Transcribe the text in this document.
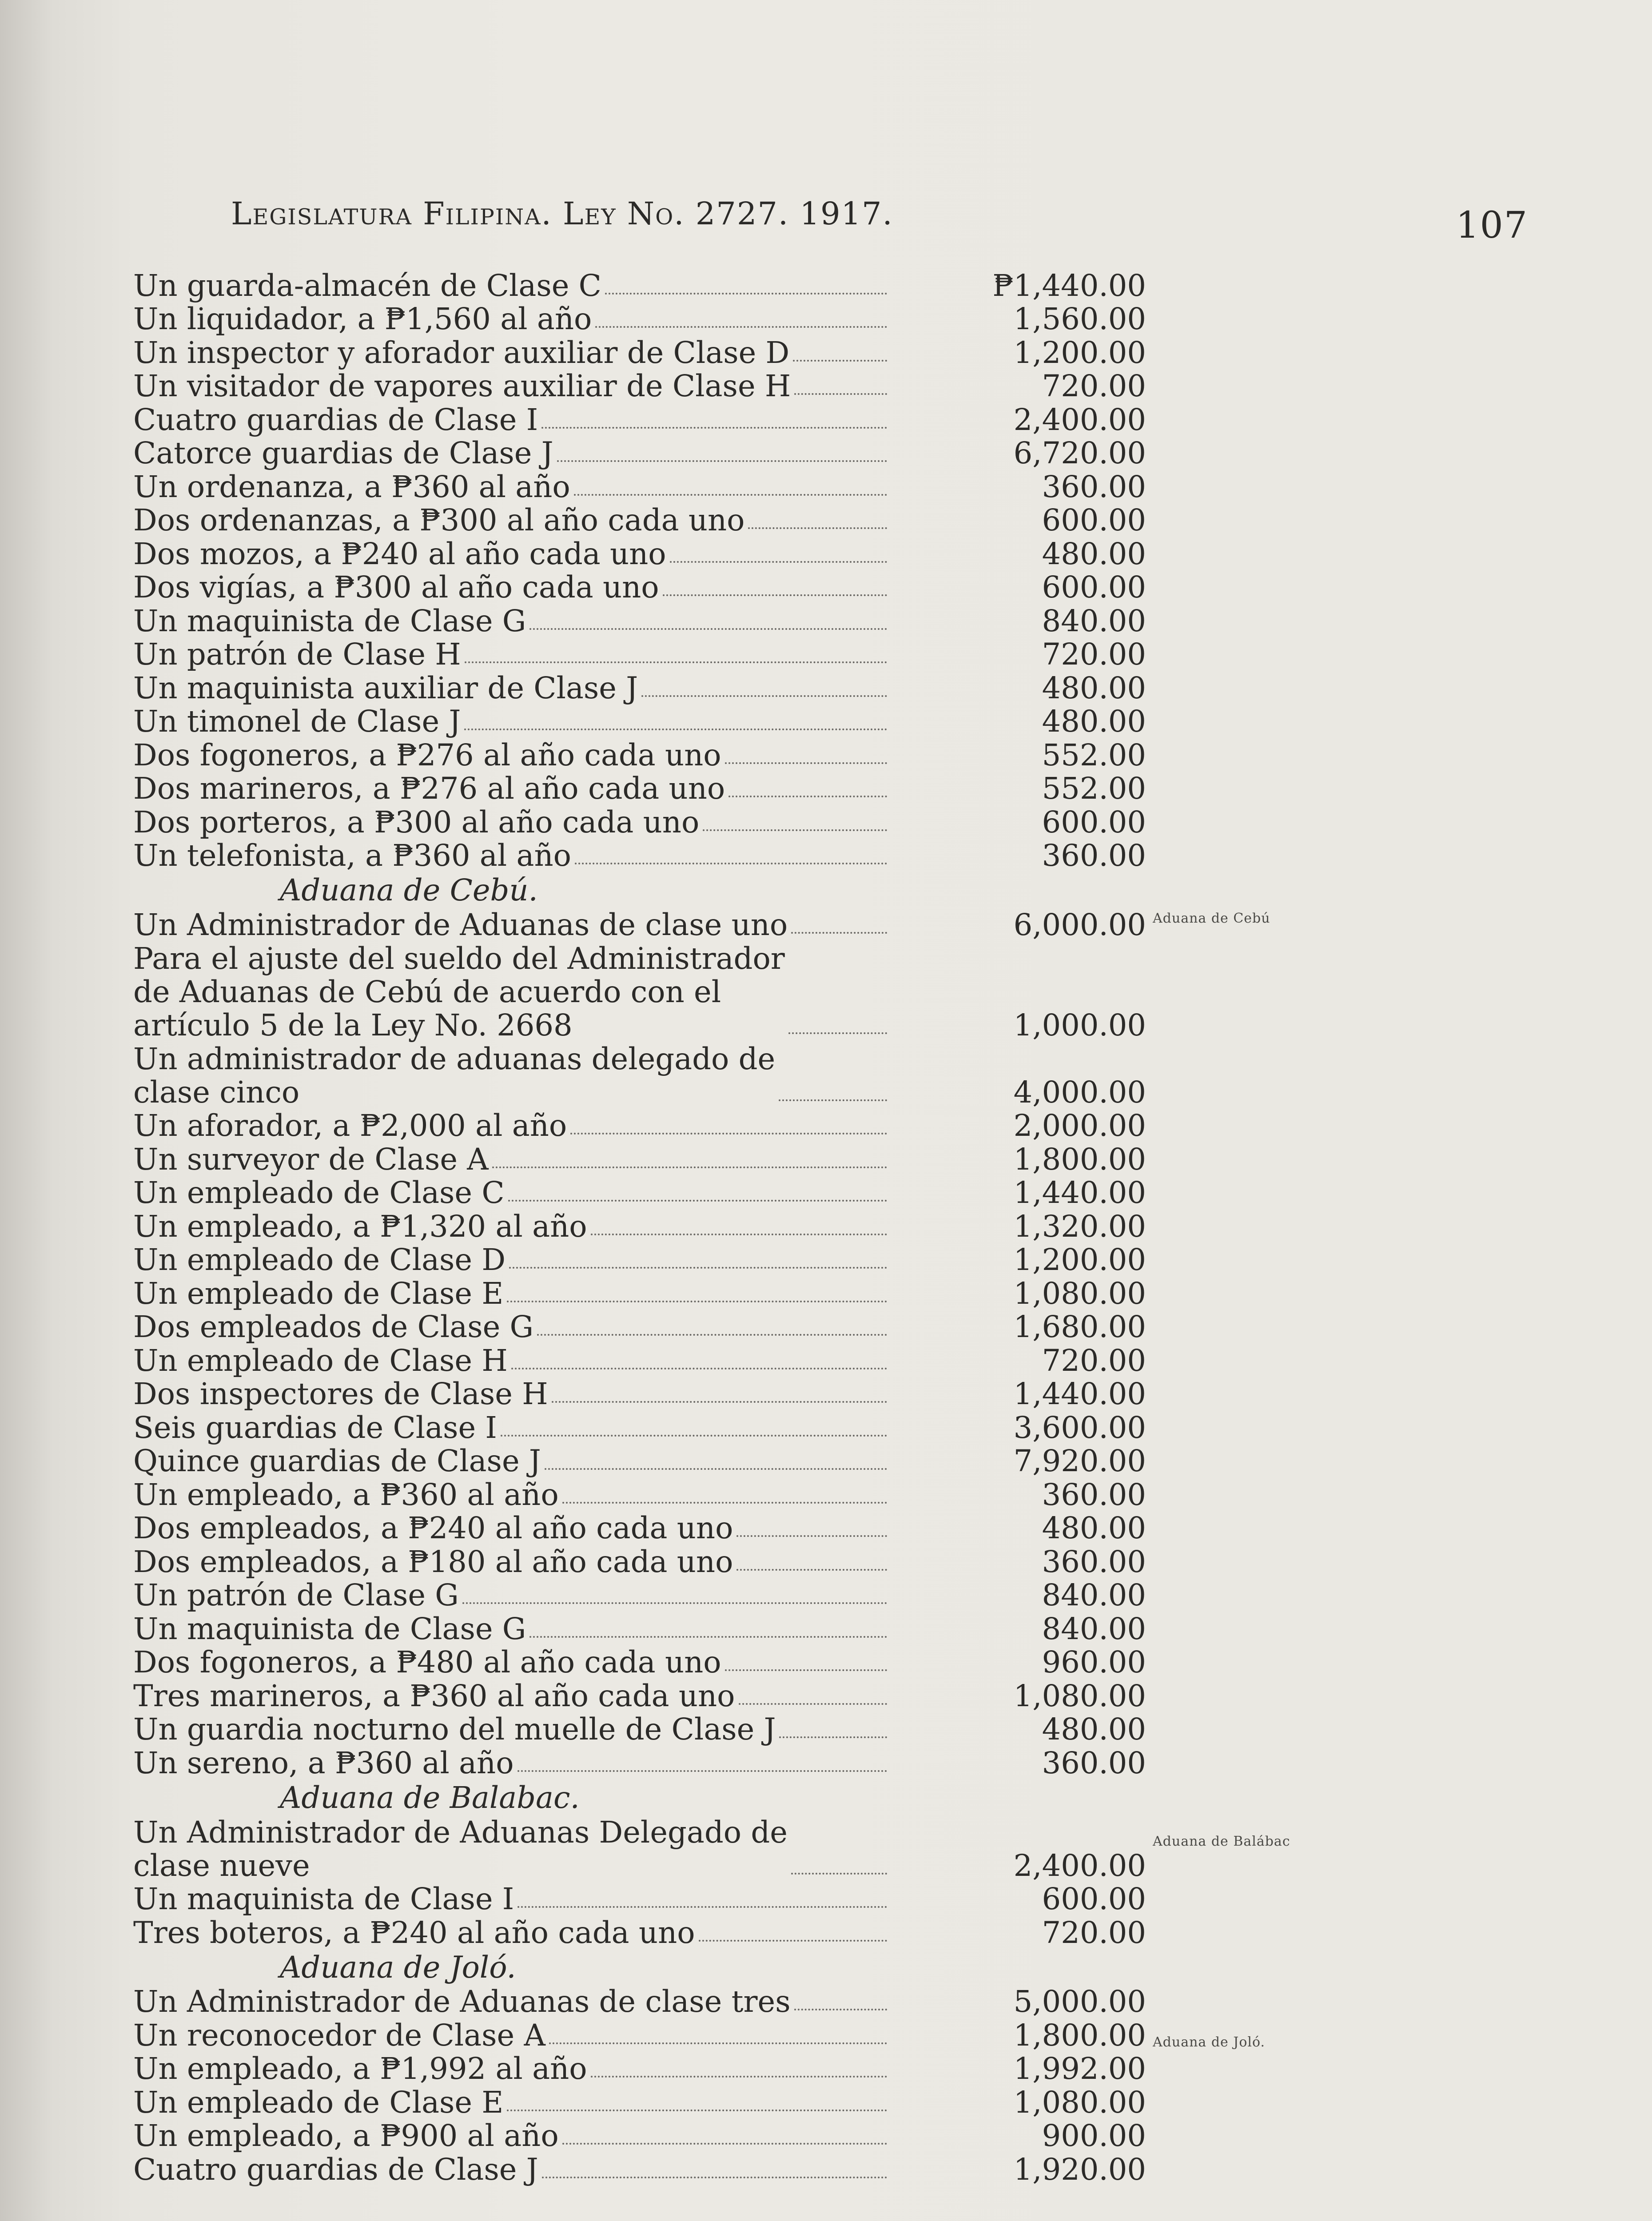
Legislatura Filipina. Ley No. 2727. 1917.	107
Un guarda-almacén de Clase C	₱1,440.00
Un liquidador, a ₱1,560 al año	1,560.00
Un inspector y aforador auxiliar de Clase D	1,200.00
Un visitador de vapores auxiliar de Clase H	720.00
Cuatro guardias de Clase I	2,400.00
Catorce guardias de Clase J	6,720.00
Un ordenanza, a ₱360 al año	360.00
Dos ordenanzas, a ₱300 al año cada uno	600.00
Dos mozos, a ₱240 al año cada uno	480.00
Dos vigías, a ₱300 al año cada uno	600.00
Un maquinista de Clase G	840.00
Un patrón de Clase H	720.00
Un maquinista auxiliar de Clase J	480.00
Un timonel de Clase J	480.00
Dos fogoneros, a ₱276 al año cada uno	552.00
Dos marineros, a ₱276 al año cada uno	552.00
Dos porteros, a ₱300 al año cada uno	600.00
Un telefonista, a ₱360 al año	360.00
Aduana de Cebú.
Un Administrador de Aduanas de clase uno	6,000.00
Para el ajuste del sueldo del Administrador
de Aduanas de Cebú de acuerdo con el
artículo 5 de la Ley No. 2668	1,000.00
Un administrador de aduanas delegado de
clase cinco	4,000.00
Un aforador, a ₱2,000 al año	2,000.00
Un surveyor de Clase A	1,800.00
Un empleado de Clase C	1,440.00
Un empleado, a ₱1,320 al año	1,320.00
Un empleado de Clase D	1,200.00
Un empleado de Clase E	1,080.00
Dos empleados de Clase G	1,680.00
Un empleado de Clase H	720.00
Dos inspectores de Clase H	1,440.00
Seis guardias de Clase I	3,600.00
Quince guardias de Clase J	7,920.00
Un empleado, a ₱360 al año	360.00
Dos empleados, a ₱240 al año cada uno	480.00
Dos empleados, a ₱180 al año cada uno	360.00
Un patrón de Clase G	840.00
Un maquinista de Clase G	840.00
Dos fogoneros, a ₱480 al año cada uno	960.00
Tres marineros, a ₱360 al año cada uno	1,080.00
Un guardia nocturno del muelle de Clase J	480.00
Un sereno, a ₱360 al año	360.00
Aduana de Balabac.
Un Administrador de Aduanas Delegado de
clase nueve	2,400.00
Un maquinista de Clase I	600.00
Tres boteros, a ₱240 al año cada uno	720.00
Aduana de Joló.
Un Administrador de Aduanas de clase tres	5,000.00
Un reconocedor de Clase A	1,800.00
Un empleado, a ₱1,992 al año	1,992.00
Un empleado de Clase E	1,080.00
Un empleado, a ₱900 al año	900.00
Cuatro guardias de Clase J	1,920.00
Aduana de Cebú
Aduana de Balábac
Aduana de Joló.
